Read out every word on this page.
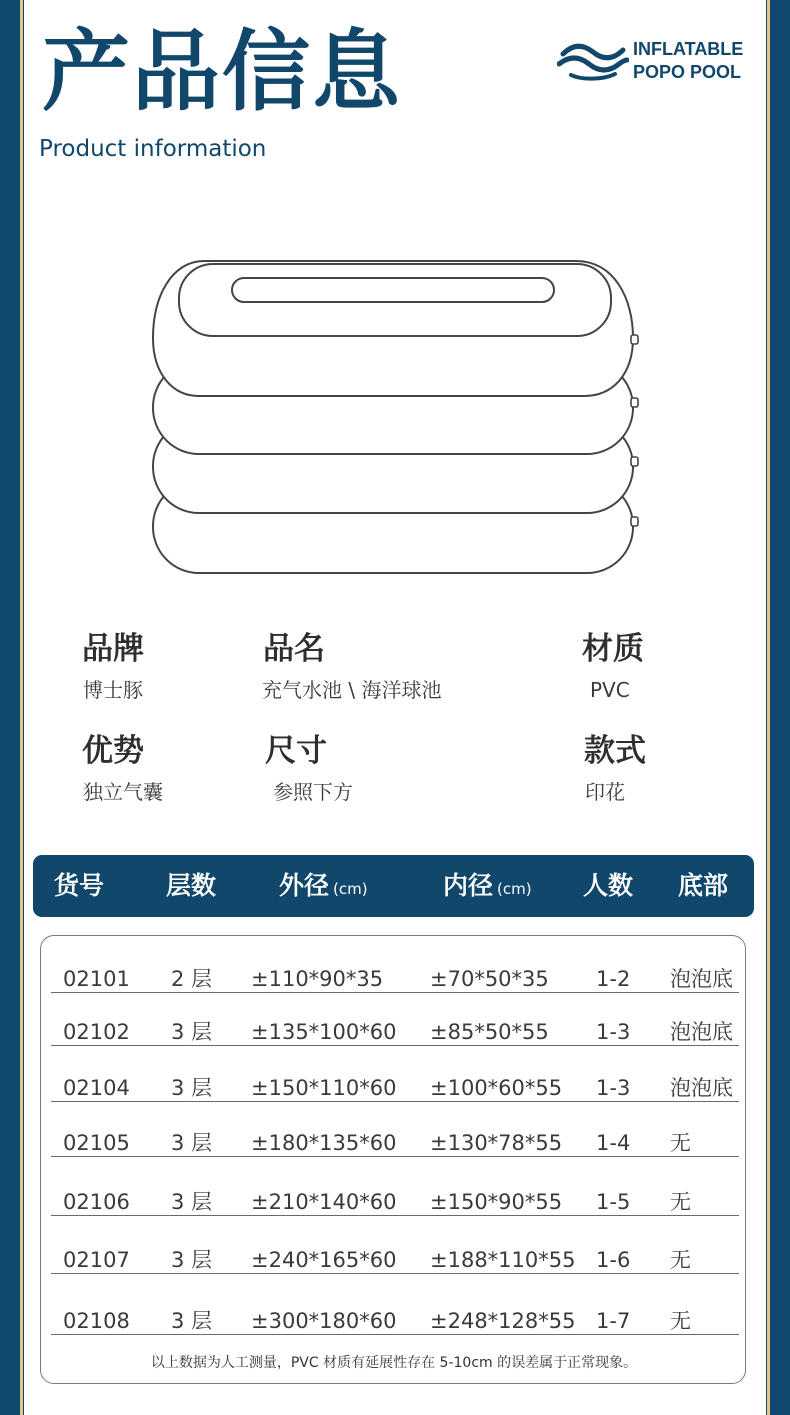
产品信息
Product information
INFLATABLE
POPO POOL
品牌
博士豚
品名
充气水池 \ 海洋球池
材质
PVC
优势
独立气囊
尺寸
参照下方
款式
印花
货号 层数	外径 (cm)	内径 (cm) 人数 底部
02101 2 层 ±110*90*35 ±70*50*35 1-2 泡泡底
02102 3 层 ±135*100*60 ±85*50*55 1-3 泡泡底
02104 3 层 ±150*110*60 ±100*60*55 1-3 泡泡底
02105 3 层 ±180*135*60 ±130*78*55 1-4 无
02106 3 层 ±210*140*60 ±150*90*55 1-5 无
02107 3 层 ±240*165*60 ±188*110*55 1-6 无
02108 3 层 ±300*180*60 ±248*128*55 1-7 无
以上数据为人工测量，PVC 材质有延展性存在 5-10cm 的误差属于正常现象。
